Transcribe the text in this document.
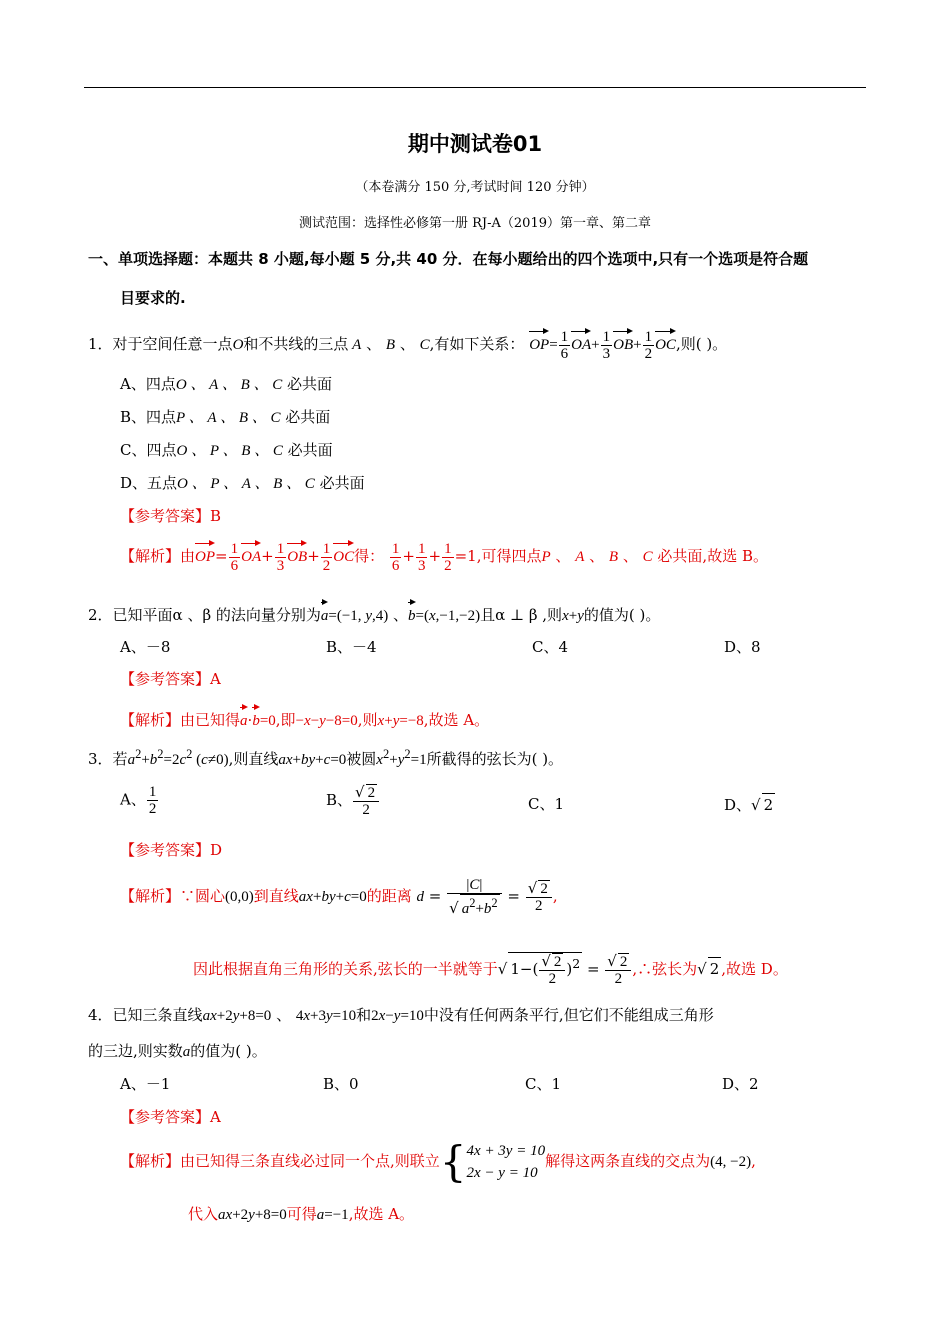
期中测试卷01
（本卷满分 150 分,考试时间 120 分钟）
测试范围：选择性必修第一册 RJ-A（2019）第一章、第二章
一、单项选择题：本题共 8 小题,每小题 5 分,共 40 分．在每小题给出的四个选项中,只有一个选项是符合题
目要求的.
1．对于空间任意一点O和不共线的三点 A 、 B 、 C,有如下关系： $OP= \frac{1}{6} OA+ \frac{1}{3} OB+ \frac{1}{2}$ OC,则( )。
A、四点O 、 A 、 B 、 C 必共面
B、四点P 、 A 、 B 、 C 必共面
C、四点O 、 P 、 B 、 C 必共面
D、五点O 、 P 、 A 、 B 、 C 必共面
【参考答案】B
【解析】由$OP= \frac{1}{6} OA+ \frac{1}{3} OB+ \frac{1}{2}$ OC得： $\frac{1}{6} + \frac{1}{3} + \frac{1}{2} =1$,可得四点P 、 A 、 B 、 C 必共面,故选 B。
2．已知平面α 、β 的法向量分别为a=(−1, y,4) 、b=(x,−1,−2)且α ⊥ β ,则x+y的值为( )。
A、－8	B、－4	C、4	D、8
【参考答案】A
【解析】由已知得a·b=0,即−x−y−8=0,则x+y=−8,故选 A。
3．若$a^2+b^2=2c^2$ (c≠0),则直线ax+by+c=0被圆$x^2+y^2=1$所截得的弦长为( )。
A、 $\frac{1}{2}$	B、 $\frac{√ 2}{2}$	C、1	D、√ 2
【参考答案】D
【解析】∵圆心(0,0)到直线ax+by+c=0的距离 $d = \frac{|C|}{√ a^2+b^2} = \frac{√ 2}{2}$ ,
因此根据直角三角形的关系,弦长的一半就等于√ $1-( \frac{√ 2}{2} )^2 = \frac{√ 2}{2}$ ,∴弦长为√ 2 ,故选 D。
4．已知三条直线ax+2y+8=0 、 4x+3y=10和2x−y=10中没有任何两条平行,但它们不能组成三角形
的三边,则实数a的值为( )。
A、－1	B、0	C、1	D、2
【参考答案】A
【解析】由已知得三条直线必过同一个点,则联立{4x + 3y = 10
2x − y = 10解得这两条直线的交点为(4, −2),
代入ax+2y+8=0可得a=−1,故选 A。
